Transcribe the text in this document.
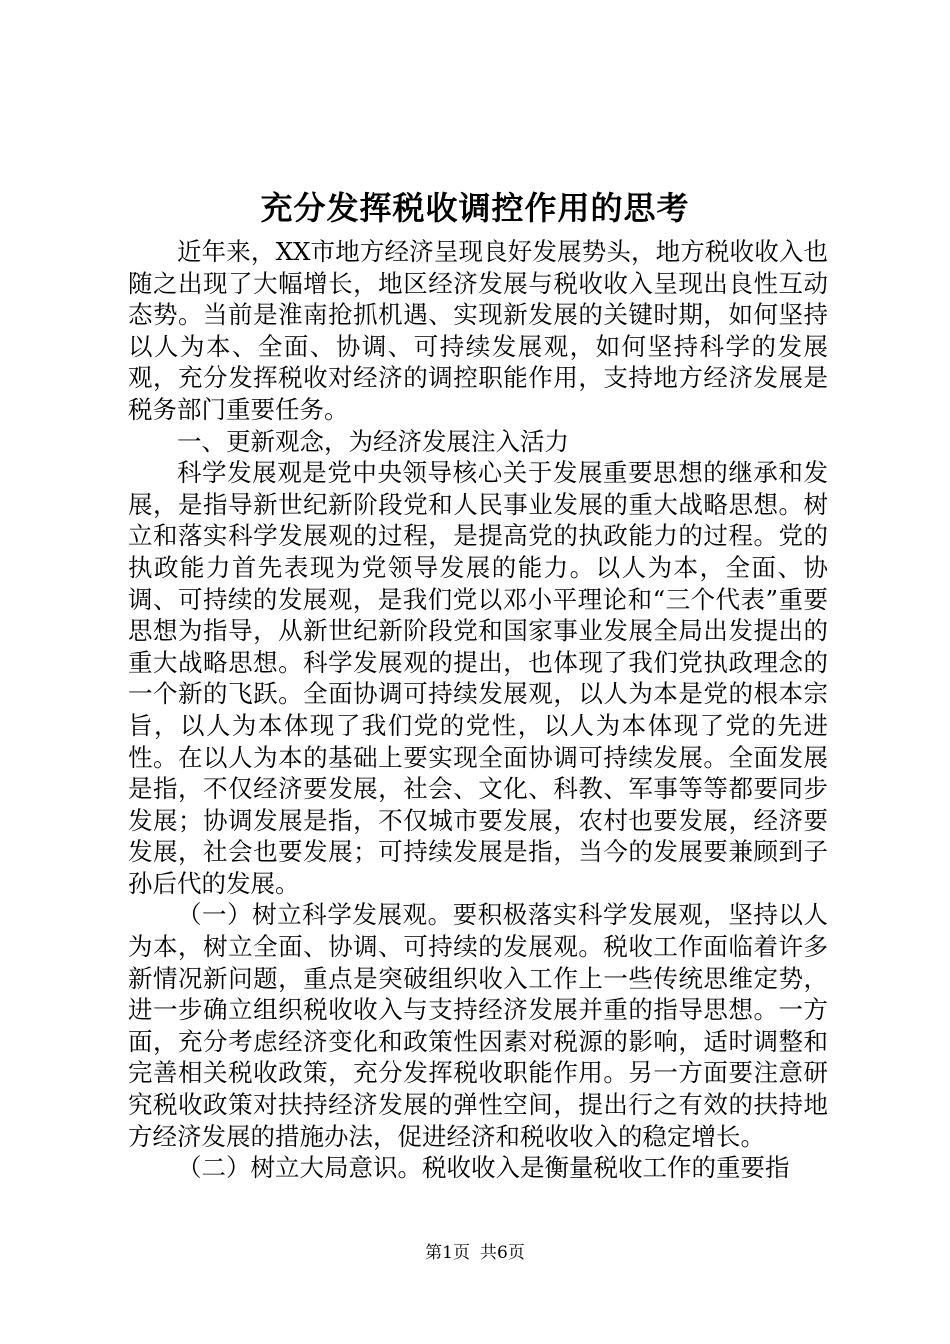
充分发挥税收调控作用的思考

近年来，XX市地方经济呈现良好发展势头，地方税收收入也随之出现了大幅增长，地区经济发展与税收收入呈现出良性互动态势。当前是淮南抢抓机遇、实现新发展的关键时期，如何坚持以人为本、全面、协调、可持续发展观，如何坚持科学的发展观，充分发挥税收对经济的调控职能作用，支持地方经济发展是税务部门重要任务。

一、更新观念，为经济发展注入活力

科学发展观是党中央领导核心关于发展重要思想的继承和发展，是指导新世纪新阶段党和人民事业发展的重大战略思想。树立和落实科学发展观的过程，是提高党的执政能力的过程。党的执政能力首先表现为党领导发展的能力。以人为本，全面、协调、可持续的发展观，是我们党以邓小平理论和“三个代表”重要思想为指导，从新世纪新阶段党和国家事业发展全局出发提出的重大战略思想。科学发展观的提出，也体现了我们党执政理念的一个新的飞跃。全面协调可持续发展观，以人为本是党的根本宗旨，以人为本体现了我们党的党性，以人为本体现了党的先进性。在以人为本的基础上要实现全面协调可持续发展。全面发展是指，不仅经济要发展，社会、文化、科教、军事等等都要同步发展；协调发展是指，不仅城市要发展，农村也要发展，经济要发展，社会也要发展；可持续发展是指，当今的发展要兼顾到子孙后代的发展。

（一）树立科学发展观。要积极落实科学发展观，坚持以人为本，树立全面、协调、可持续的发展观。税收工作面临着许多新情况新问题，重点是突破组织收入工作上一些传统思维定势，进一步确立组织税收收入与支持经济发展并重的指导思想。一方面，充分考虑经济变化和政策性因素对税源的影响，适时调整和完善相关税收政策，充分发挥税收职能作用。另一方面要注意研究税收政策对扶持经济发展的弹性空间，提出行之有效的扶持地方经济发展的措施办法，促进经济和税收收入的稳定增长。

（二）树立大局意识。税收收入是衡量税收工作的重要指

第1页 共6页
